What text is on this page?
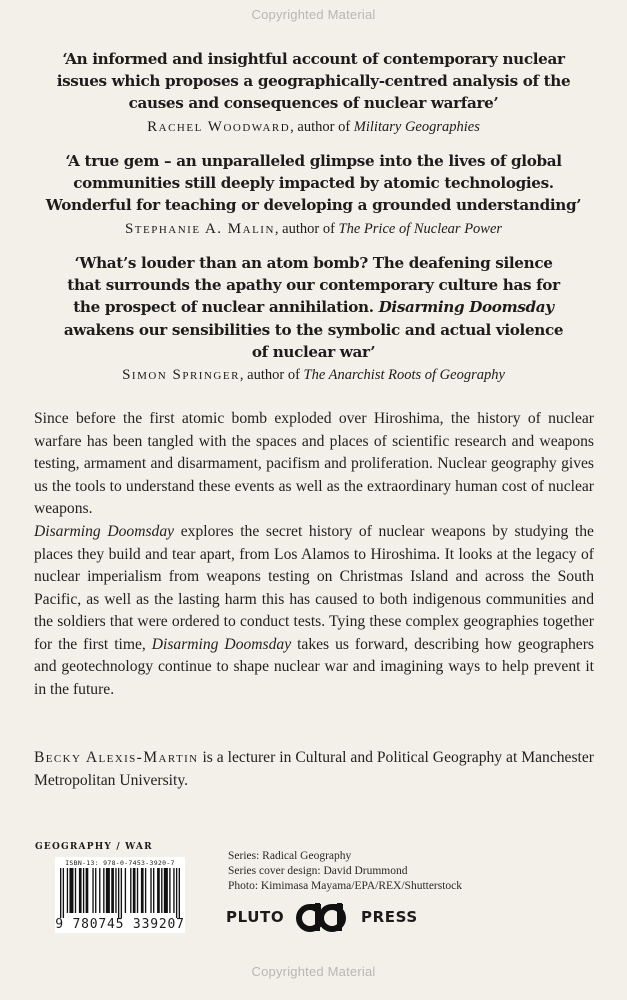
Copyrighted Material

‘An informed and insightful account of contemporary nuclear
issues which proposes a geographically-centred analysis of the
causes and consequences of nuclear warfare’

Rachel Woodward, author of Military Geographies

‘A true gem – an unparalleled glimpse into the lives of global
communities still deeply impacted by atomic technologies.
Wonderful for teaching or developing a grounded understanding’

Stephanie A. Malin, author of The Price of Nuclear Power

‘What’s louder than an atom bomb? The deafening silence
that surrounds the apathy our contemporary culture has for
the prospect of nuclear annihilation. Disarming Doomsday
awakens our sensibilities to the symbolic and actual violence
of nuclear war’

Simon Springer, author of The Anarchist Roots of Geography

Since before the first atomic bomb exploded over Hiroshima, the history of nuclear warfare has been tangled with the spaces and places of scientific research and weapons testing, armament and disarmament, pacifism and proliferation. Nuclear geography gives us the tools to understand these events as well as the extraordinary human cost of nuclear weapons.

Disarming Doomsday explores the secret history of nuclear weapons by studying the places they build and tear apart, from Los Alamos to Hiroshima. It looks at the legacy of nuclear imperialism from weapons testing on Christmas Island and across the South Pacific, as well as the lasting harm this has caused to both indigenous communities and the soldiers that were ordered to conduct tests. Tying these complex geographies together for the first time, Disarming Doomsday takes us forward, describing how geographers and geotechnology continue to shape nuclear war and imagining ways to help prevent it in the future.

Becky Alexis-Martin is a lecturer in Cultural and Political Geography at Manchester Metropolitan University.

GEOGRAPHY / WAR
ISBN-13: 978-0-7453-3920-7
9 780745 339207
Series: Radical Geography
Series cover design: David Drummond
Photo: Kimimasa Mayama/EPA/REX/Shutterstock
PLUTO	PRESS
Copyrighted Material
